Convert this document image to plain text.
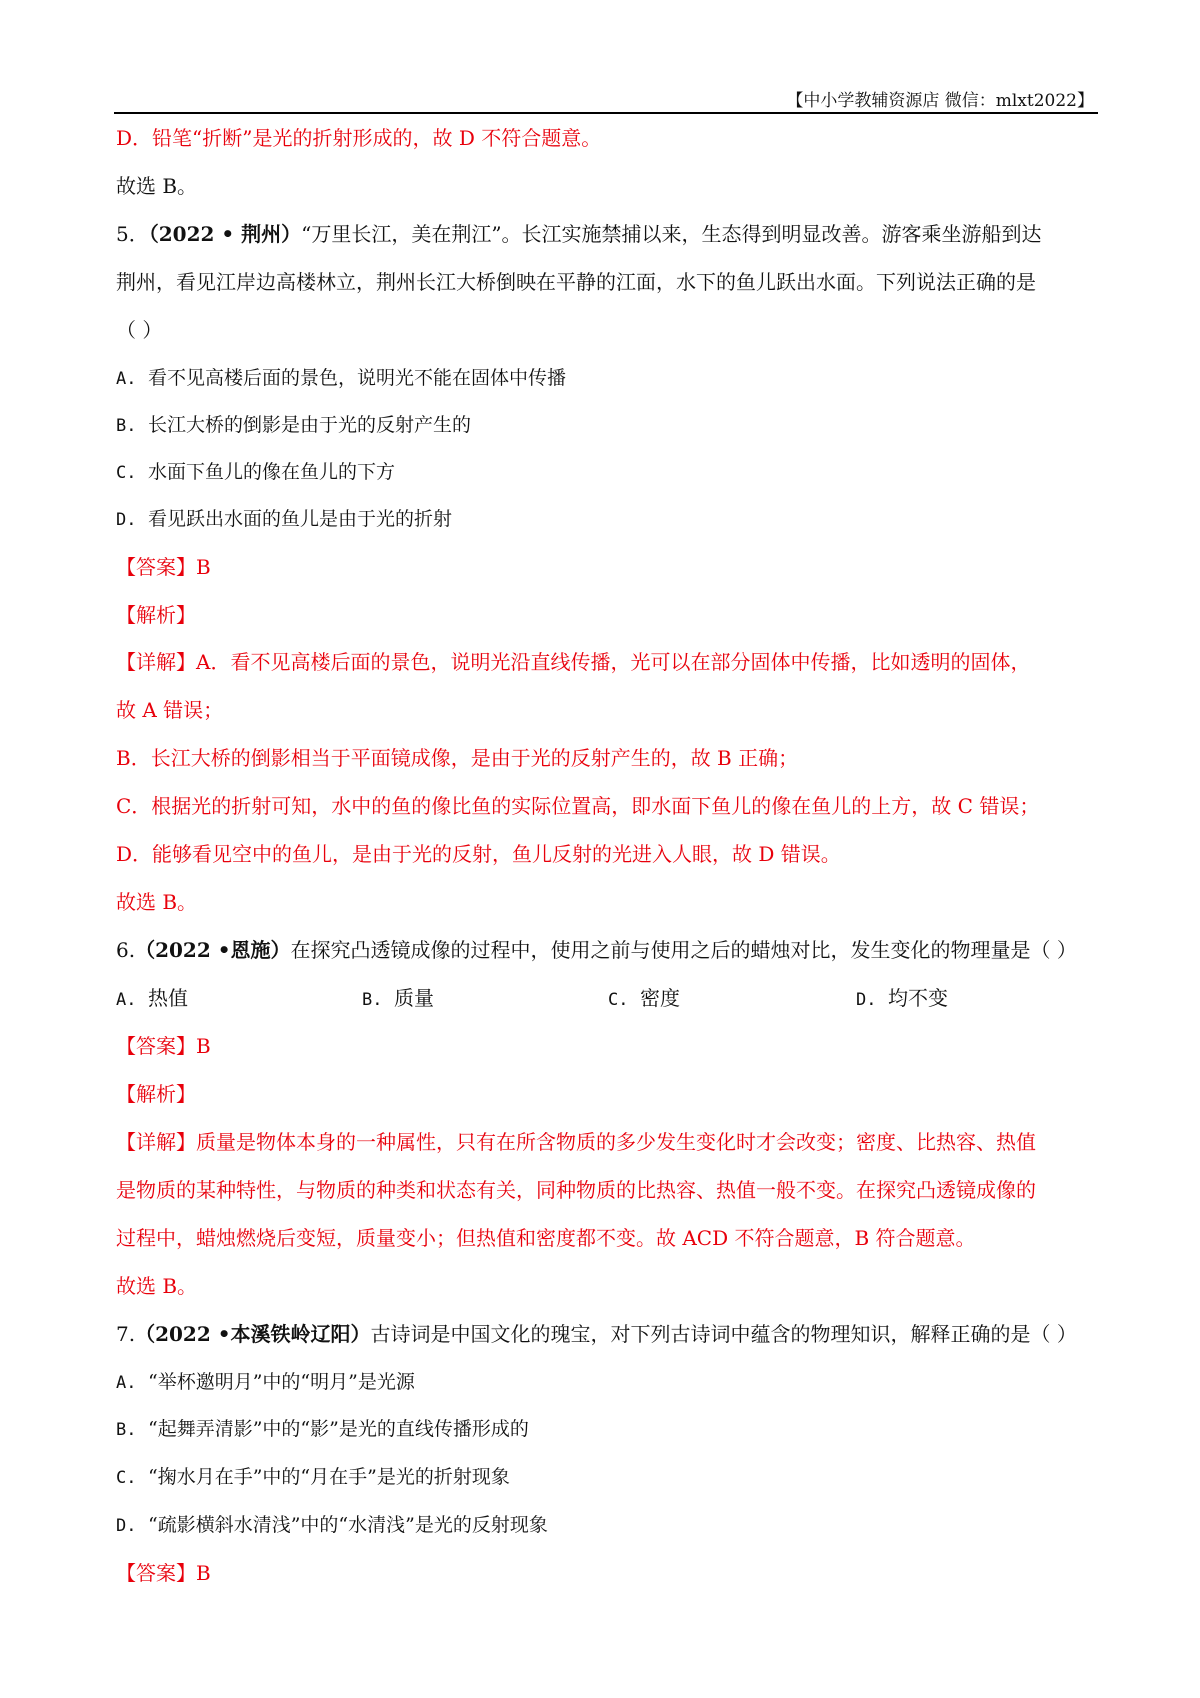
【中小学教辅资源店 微信：mlxt2022】
D．铅笔“折断”是光的折射形成的，故 D 不符合题意。
故选 B。
5．（2022 • 荆州）“万里长江，美在荆江”。长江实施禁捕以来，生态得到明显改善。游客乘坐游船到达
荆州，看见江岸边高楼林立，荆州长江大桥倒映在平静的江面，水下的鱼儿跃出水面。下列说法正确的是
（ ）
A. 看不见高楼后面的景色，说明光不能在固体中传播
B. 长江大桥的倒影是由于光的反射产生的
C. 水面下鱼儿的像在鱼儿的下方
D. 看见跃出水面的鱼儿是由于光的折射
【答案】B
【解析】
【详解】A．看不见高楼后面的景色，说明光沿直线传播，光可以在部分固体中传播，比如透明的固体，
故 A 错误；
B．长江大桥的倒影相当于平面镜成像，是由于光的反射产生的，故 B 正确；
C．根据光的折射可知，水中的鱼的像比鱼的实际位置高，即水面下鱼儿的像在鱼儿的上方，故 C 错误；
D．能够看见空中的鱼儿，是由于光的反射，鱼儿反射的光进入人眼，故 D 错误。
故选 B。
6.（2022 •恩施）在探究凸透镜成像的过程中，使用之前与使用之后的蜡烛对比，发生变化的物理量是（ ）
A. 热值	B. 质量	C. 密度	D. 均不变
【答案】B
【解析】
【详解】质量是物体本身的一种属性，只有在所含物质的多少发生变化时才会改变；密度、比热容、热值
是物质的某种特性，与物质的种类和状态有关，同种物质的比热容、热值一般不变。在探究凸透镜成像的
过程中，蜡烛燃烧后变短，质量变小；但热值和密度都不变。故 ACD 不符合题意，B 符合题意。
故选 B。
7.（2022 •本溪铁岭辽阳）古诗词是中国文化的瑰宝，对下列古诗词中蕴含的物理知识，解释正确的是（ ）
A. “举杯邀明月”中的“明月”是光源
B. “起舞弄清影”中的“影”是光的直线传播形成的
C. “掬水月在手”中的“月在手”是光的折射现象
D. “疏影横斜水清浅”中的“水清浅”是光的反射现象
【答案】B
